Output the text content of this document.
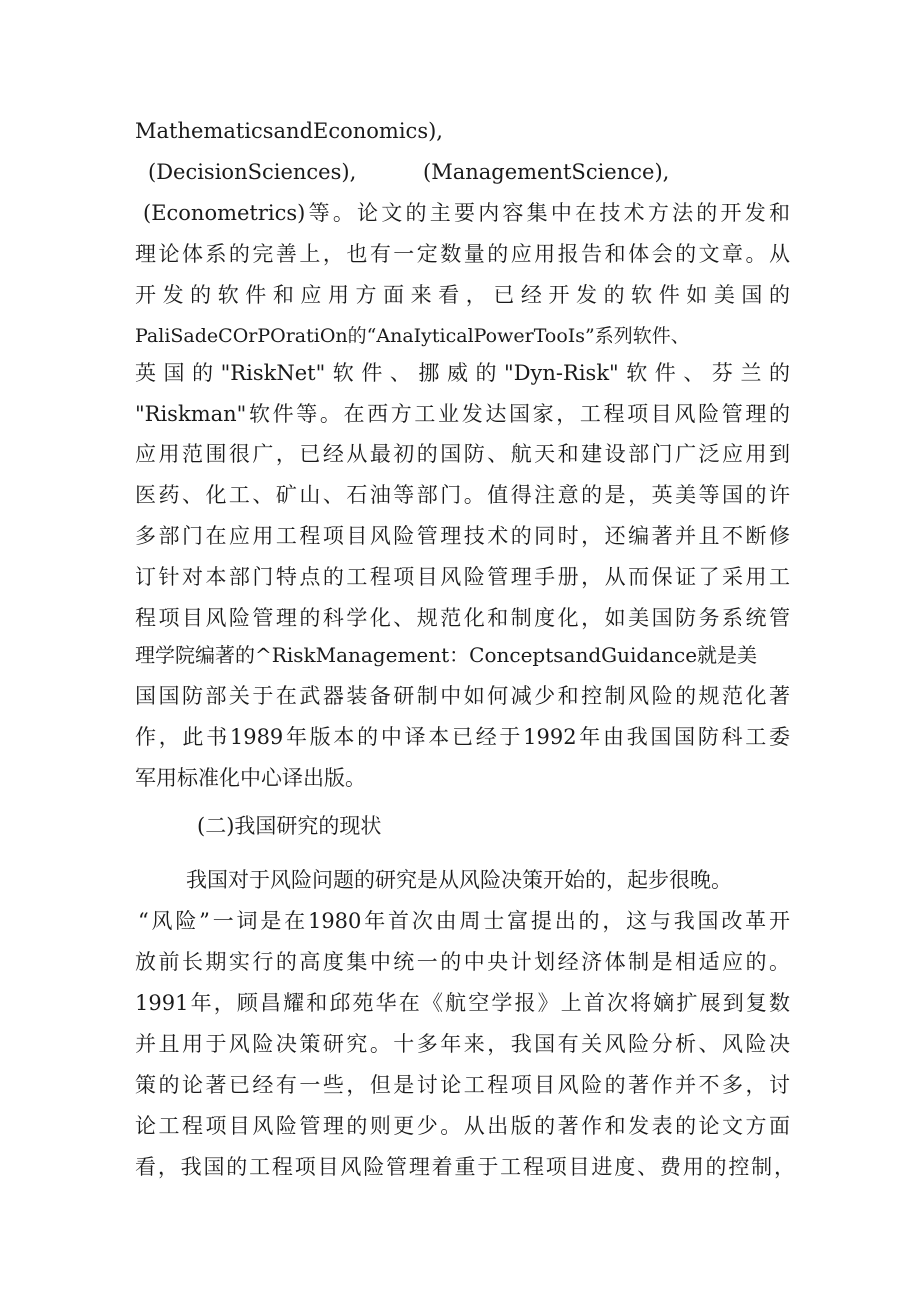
MathematicsandEconomics),
(DecisionSciences),          (ManagementScience),
(Econometrics)等。论文的主要内容集中在技术方法的开发和
理论体系的完善上，也有一定数量的应用报告和体会的文章。从
开发的软件和应用方面来看，已经开发的软件如美国的
PaliSadeCOrPOratiOn的“AnaIyticalPowerTooIs”系列软件、
英国的"RiskNet"软件、挪威的"Dyn-Risk"软件、芬兰的
"Riskman"软件等。在西方工业发达国家，工程项目风险管理的
应用范围很广，已经从最初的国防、航天和建设部门广泛应用到
医药、化工、矿山、石油等部门。值得注意的是，英美等国的许
多部门在应用工程项目风险管理技术的同时，还编著并且不断修
订针对本部门特点的工程项目风险管理手册，从而保证了采用工
程项目风险管理的科学化、规范化和制度化，如美国防务系统管
理学院编著的^RiskManagement：ConceptsandGuidance就是美
国国防部关于在武器装备研制中如何减少和控制风险的规范化著
作，此书1989年版本的中译本已经于1992年由我国国防科工委
军用标准化中心译出版。
(二)我国研究的现状
我国对于风险问题的研究是从风险决策开始的，起步很晚。
“风险”一词是在1980年首次由周士富提出的，这与我国改革开
放前长期实行的高度集中统一的中央计划经济体制是相适应的。
1991年，顾昌耀和邱苑华在《航空学报》上首次将嫡扩展到复数
并且用于风险决策研究。十多年来，我国有关风险分析、风险决
策的论著已经有一些，但是讨论工程项目风险的著作并不多，讨
论工程项目风险管理的则更少。从出版的著作和发表的论文方面
看，我国的工程项目风险管理着重于工程项目进度、费用的控制，
